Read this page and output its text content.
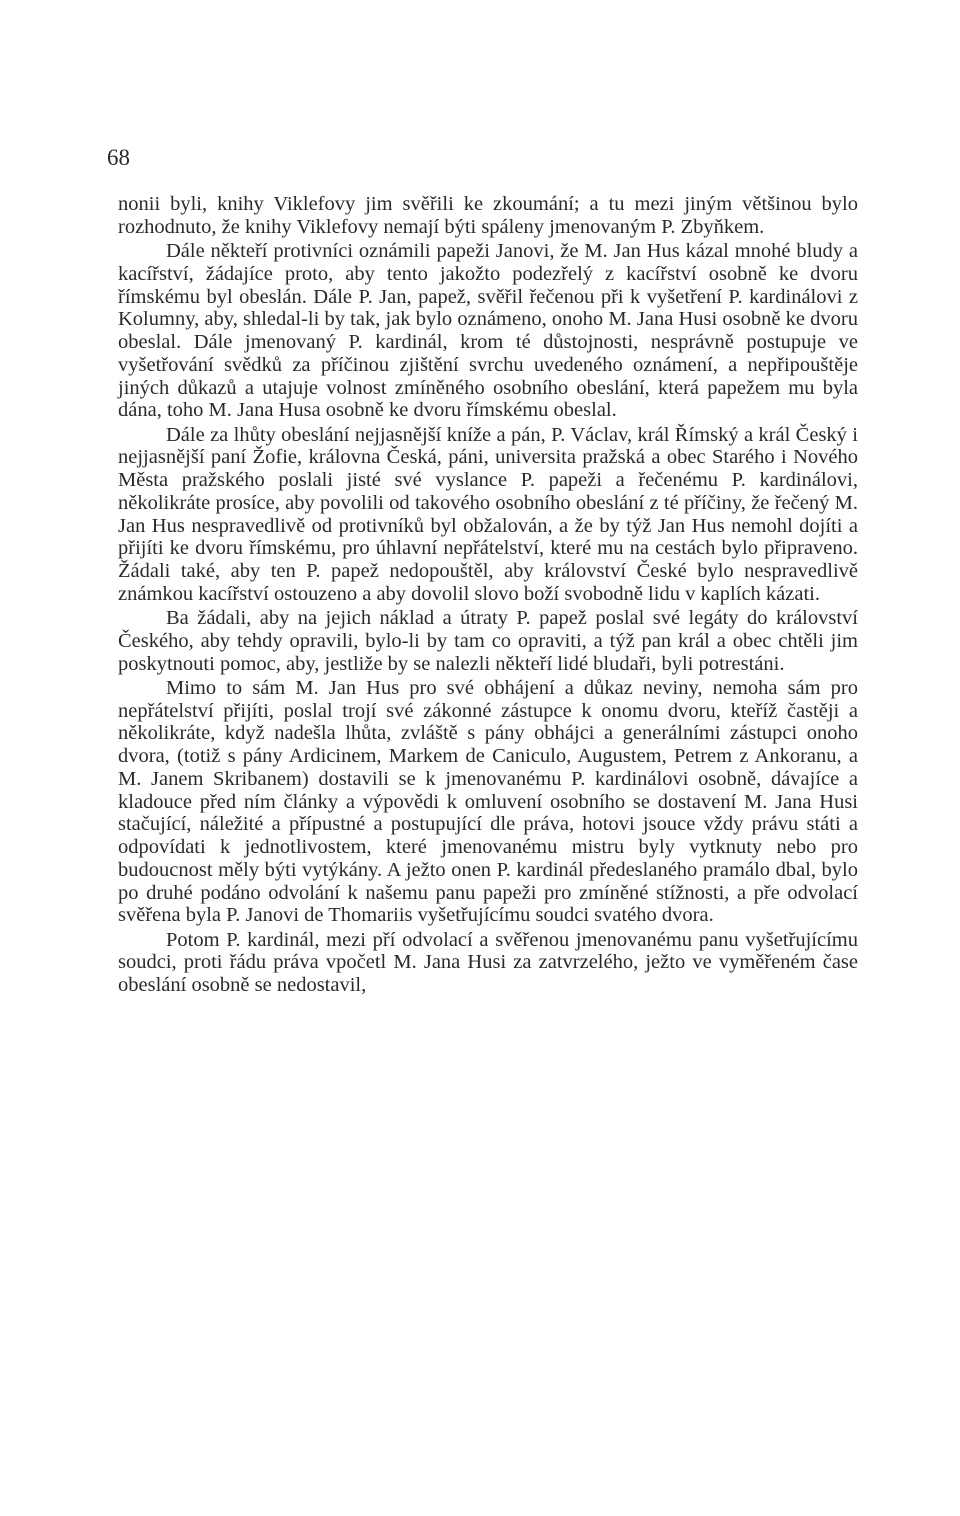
68

nonii byli, knihy Viklefovy jim svěřili ke zkoumání; a tu mezi jiným většinou bylo rozhodnuto, že knihy Viklefovy nemají býti spáleny jmenovaným P. Zbyňkem.

Dále někteří protivníci oznámili papeži Janovi, že M. Jan Hus kázal mnohé bludy a kacířství, žádajíce proto, aby tento jakožto podezřelý z kacířství osobně ke dvoru římskému byl obeslán. Dále P. Jan, papež, svěřil řečenou při k vyšetření P. kardinálovi z Kolumny, aby, shledal-li by tak, jak bylo oznámeno, onoho M. Jana Husi osobně ke dvoru obeslal. Dále jmenovaný P. kardinál, krom té důstojnosti, nesprávně postupuje ve vyšetřování svědků za příčinou zjištění svrchu uvedeného oznámení, a nepřipouštěje jiných důkazů a utajuje volnost zmíněného osobního obeslání, která papežem mu byla dána, toho M. Jana Husa osobně ke dvoru římskému obeslal.

Dále za lhůty obeslání nejjasnější kníže a pán, P. Václav, král Římský a král Český i nejjasnější paní Žofie, královna Česká, páni, universita pražská a obec Starého i Nového Města pražského poslali jisté své vyslance P. papeži a řečenému P. kardinálovi, několikráte prosíce, aby povolili od takového osobního obeslání z té příčiny, že řečený M. Jan Hus nespravedlivě od protivníků byl obžalován, a že by týž Jan Hus nemohl dojíti a přijíti ke dvoru římskému, pro úhlavní nepřátelství, které mu na cestách bylo připraveno. Žádali také, aby ten P. papež nedopouštěl, aby království České bylo nespravedlivě známkou kacířství ostouzeno a aby dovolil slovo boží svobodně lidu v kaplích kázati.

Ba žádali, aby na jejich náklad a útraty P. papež poslal své legáty do království Českého, aby tehdy opravili, bylo-li by tam co opraviti, a týž pan král a obec chtěli jim poskytnouti pomoc, aby, jestliže by se nalezli někteří lidé bludaři, byli potrestáni.

Mimo to sám M. Jan Hus pro své obhájení a důkaz neviny, nemoha sám pro nepřátelství přijíti, poslal trojí své zákonné zástupce k onomu dvoru, kteříž častěji a několikráte, když nadešla lhůta, zvláště s pány obhájci a generálními zástupci onoho dvora, (totiž s pány Ardicinem, Markem de Caniculo, Augustem, Petrem z Ankoranu, a M. Janem Skribanem) dostavili se k jmenovanému P. kardinálovi osobně, dávajíce a kladouce před ním články a výpovědi k omluvení osobního se dostavení M. Jana Husi stačující, náležité a přípustné a postupující dle práva, hotovi jsouce vždy právu státi a odpovídati k jednotlivostem, které jmenovanému mistru byly vytknuty nebo pro budoucnost měly býti vytýkány. A ježto onen P. kardinál předeslaného pramálo dbal, bylo po druhé podáno odvolání k našemu panu papeži pro zmíněné stížnosti, a pře odvolací svěřena byla P. Janovi de Thomariis vyšetřujícímu soudci svatého dvora.

Potom P. kardinál, mezi pří odvolací a svěřenou jmenovanému panu vyšetřujícímu soudci, proti řádu práva vpočetl M. Jana Husi za zatvrzelého, ježto ve vyměřeném čase obeslání osobně se nedostavil,
